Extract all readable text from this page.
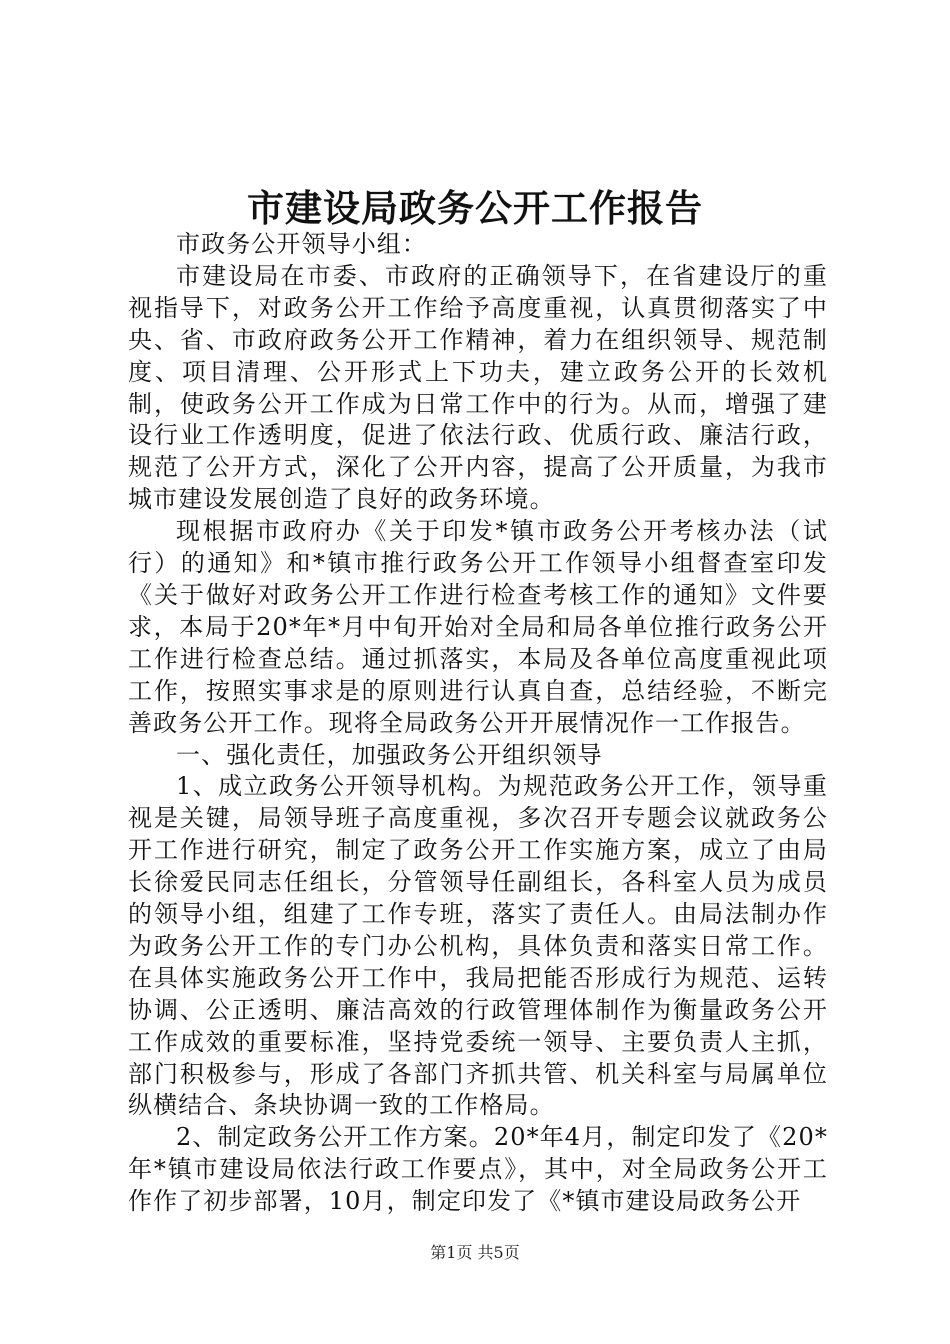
市建设局政务公开工作报告

市政务公开领导小组：

市建设局在市委、市政府的正确领导下，在省建设厅的重视指导下，对政务公开工作给予高度重视，认真贯彻落实了中央、省、市政府政务公开工作精神，着力在组织领导、规范制度、项目清理、公开形式上下功夫，建立政务公开的长效机制，使政务公开工作成为日常工作中的行为。从而，增强了建设行业工作透明度，促进了依法行政、优质行政、廉洁行政，规范了公开方式，深化了公开内容，提高了公开质量，为我市城市建设发展创造了良好的政务环境。

现根据市政府办《关于印发*镇市政务公开考核办法（试行）的通知》和*镇市推行政务公开工作领导小组督查室印发《关于做好对政务公开工作进行检查考核工作的通知》文件要求，本局于20*年*月中旬开始对全局和局各单位推行政务公开工作进行检查总结。通过抓落实，本局及各单位高度重视此项工作，按照实事求是的原则进行认真自查，总结经验，不断完善政务公开工作。现将全局政务公开开展情况作一工作报告。

一、强化责任，加强政务公开组织领导

1、成立政务公开领导机构。为规范政务公开工作，领导重视是关键，局领导班子高度重视，多次召开专题会议就政务公开工作进行研究，制定了政务公开工作实施方案，成立了由局长徐爱民同志任组长，分管领导任副组长，各科室人员为成员的领导小组，组建了工作专班，落实了责任人。由局法制办作为政务公开工作的专门办公机构，具体负责和落实日常工作。在具体实施政务公开工作中，我局把能否形成行为规范、运转协调、公正透明、廉洁高效的行政管理体制作为衡量政务公开工作成效的重要标准，坚持党委统一领导、主要负责人主抓，部门积极参与，形成了各部门齐抓共管、机关科室与局属单位纵横结合、条块协调一致的工作格局。

2、制定政务公开工作方案。20*年4月，制定印发了《20*年*镇市建设局依法行政工作要点》，其中，对全局政务公开工作作了初步部署，10月，制定印发了《*镇市建设局政务公开

第1页 共5页
